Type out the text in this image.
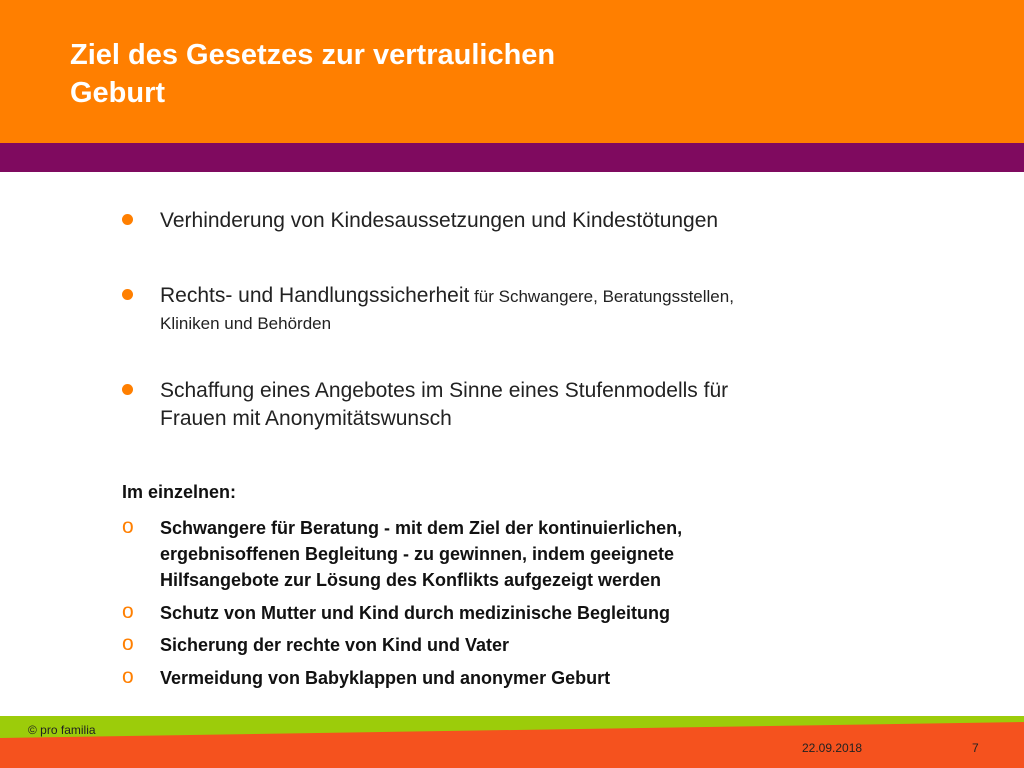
Ziel des Gesetzes zur vertraulichen
Geburt
Verhinderung von Kindesaussetzungen und Kindestötungen
Rechts- und Handlungssicherheit für Schwangere, Beratungsstellen,
Kliniken und Behörden
Schaffung eines Angebotes im Sinne eines Stufenmodells für
Frauen mit Anonymitätswunsch
Im einzelnen:
o Schwangere für Beratung - mit dem Ziel der kontinuierlichen,
ergebnisoffenen Begleitung - zu gewinnen, indem geeignete
Hilfsangebote zur Lösung des Konflikts aufgezeigt werden
o Schutz von Mutter und Kind durch medizinische Begleitung
o Sicherung der rechte von Kind und Vater
o Vermeidung von Babyklappen und anonymer Geburt
© pro familia
22.09.2018	7
